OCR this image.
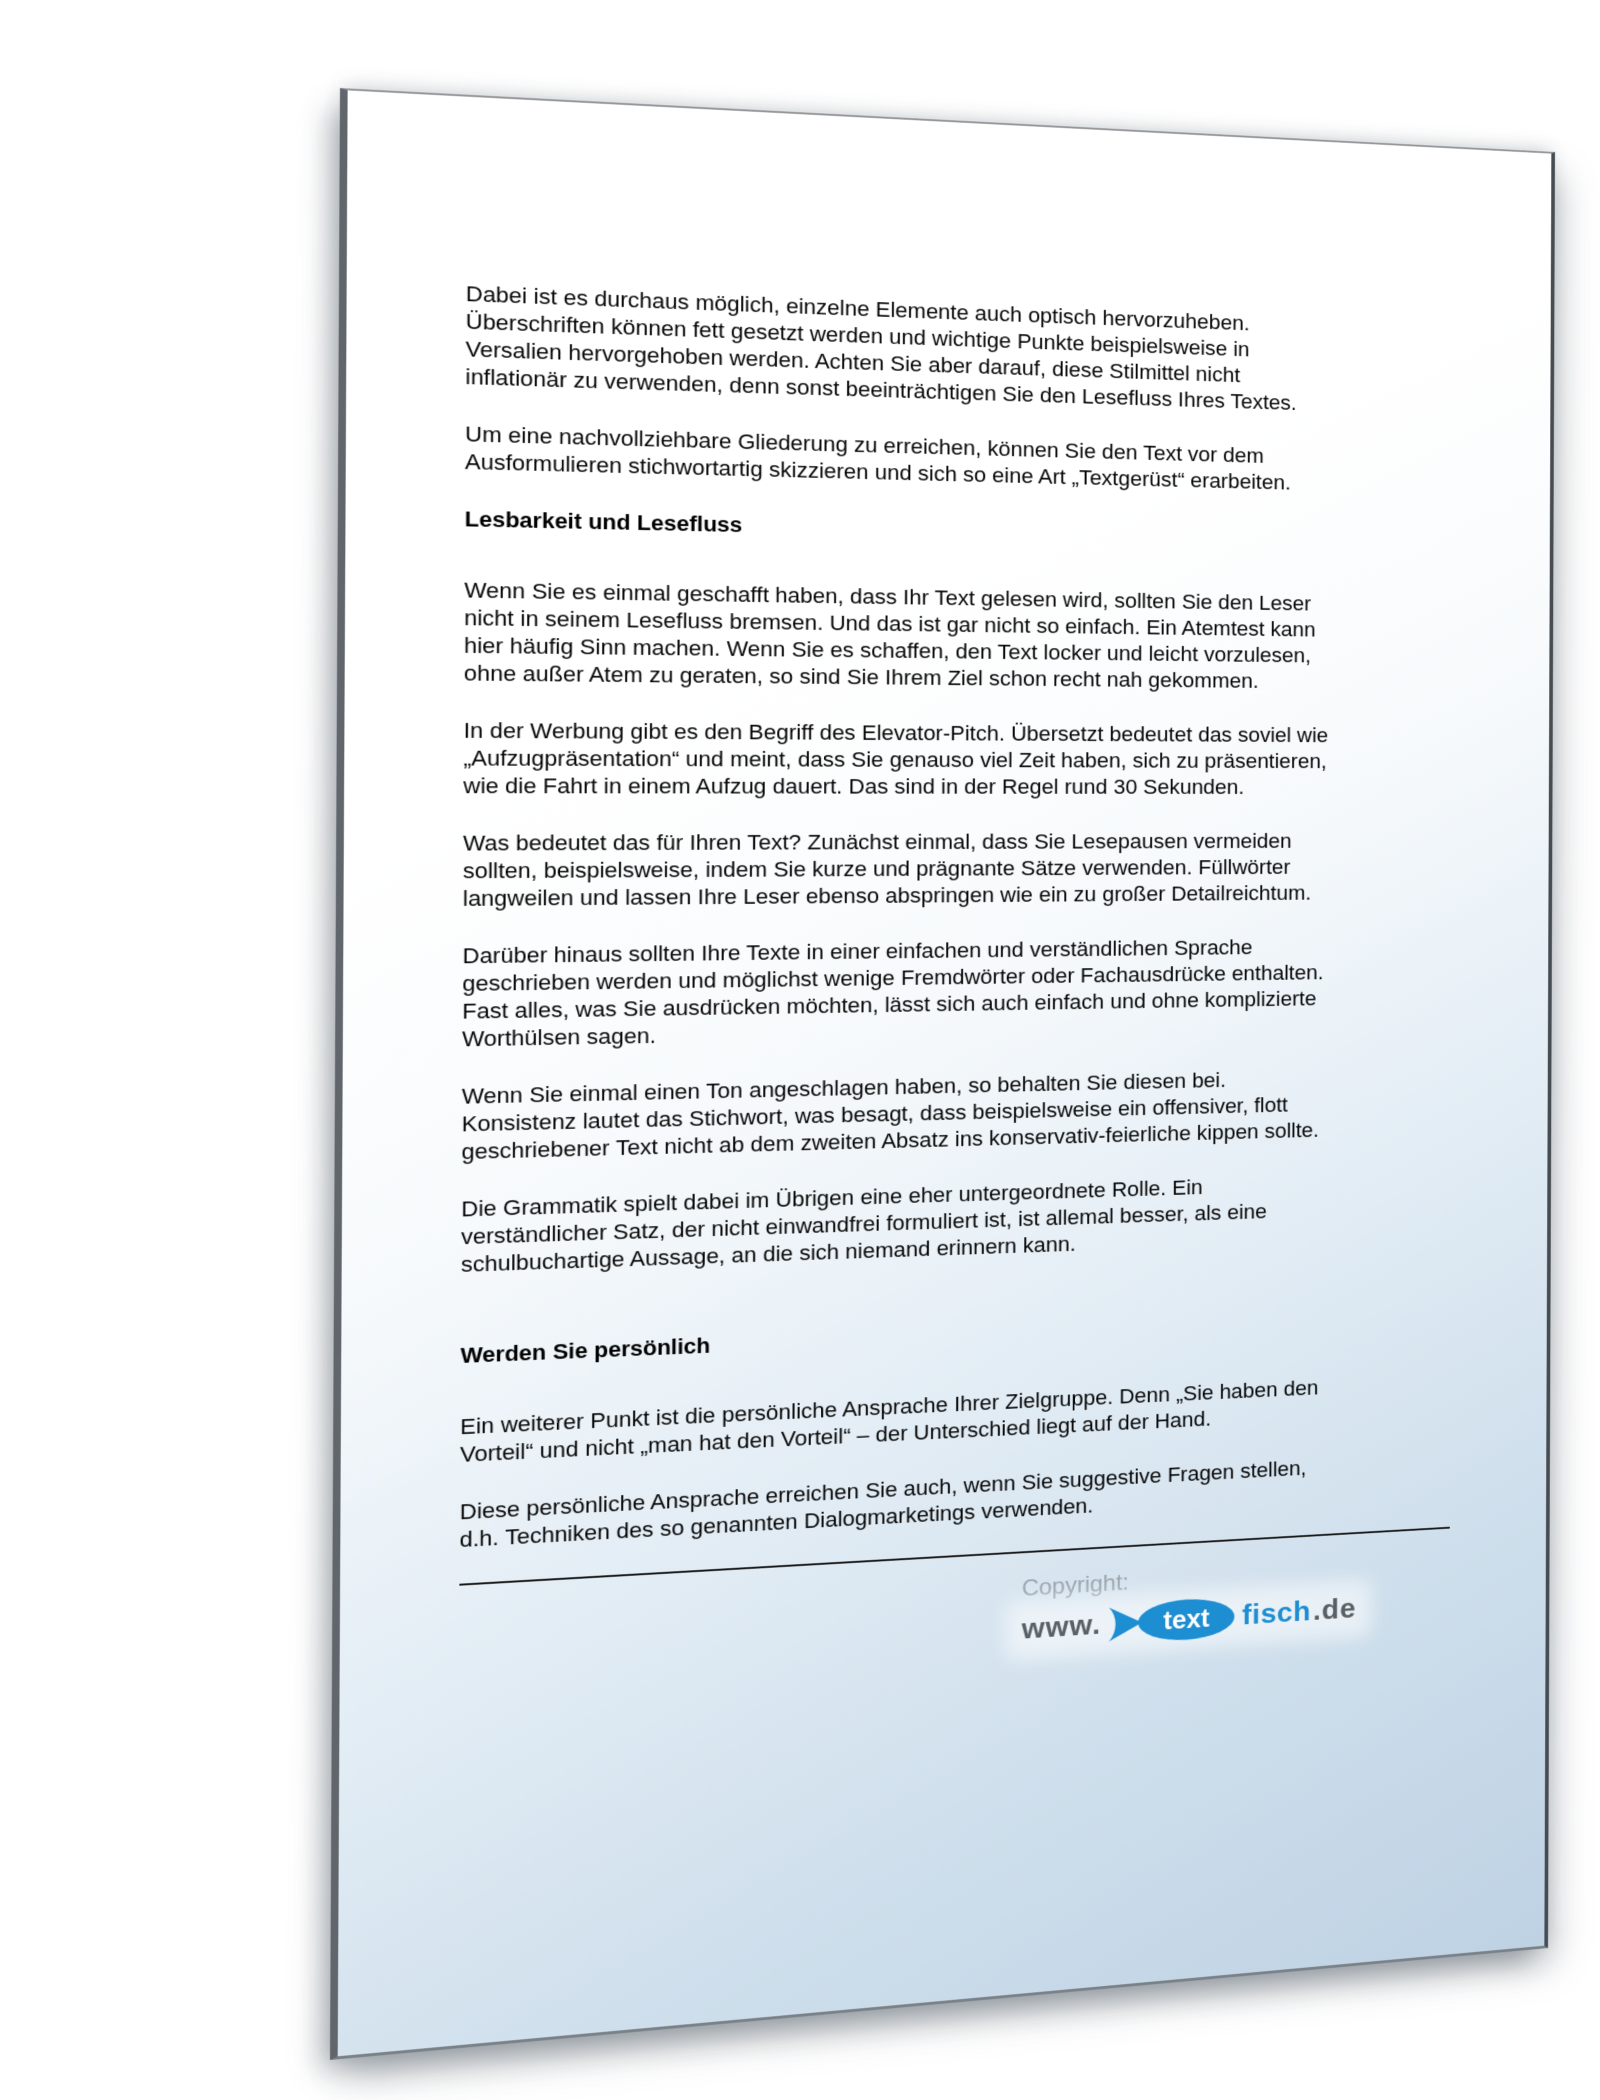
Dabei ist es durchaus möglich, einzelne Elemente auch optisch hervorzuheben.
Überschriften können fett gesetzt werden und wichtige Punkte beispielsweise in
Versalien hervorgehoben werden. Achten Sie aber darauf, diese Stilmittel nicht
inflationär zu verwenden, denn sonst beeinträchtigen Sie den Lesefluss Ihres Textes.

Um eine nachvollziehbare Gliederung zu erreichen, können Sie den Text vor dem
Ausformulieren stichwortartig skizzieren und sich so eine Art „Textgerüst“ erarbeiten.

Lesbarkeit und Lesefluss

Wenn Sie es einmal geschafft haben, dass Ihr Text gelesen wird, sollten Sie den Leser
nicht in seinem Lesefluss bremsen. Und das ist gar nicht so einfach. Ein Atemtest kann
hier häufig Sinn machen. Wenn Sie es schaffen, den Text locker und leicht vorzulesen,
ohne außer Atem zu geraten, so sind Sie Ihrem Ziel schon recht nah gekommen.

In der Werbung gibt es den Begriff des Elevator-Pitch. Übersetzt bedeutet das soviel wie
„Aufzugpräsentation“ und meint, dass Sie genauso viel Zeit haben, sich zu präsentieren,
wie die Fahrt in einem Aufzug dauert. Das sind in der Regel rund 30 Sekunden.

Was bedeutet das für Ihren Text? Zunächst einmal, dass Sie Lesepausen vermeiden
sollten, beispielsweise, indem Sie kurze und prägnante Sätze verwenden. Füllwörter
langweilen und lassen Ihre Leser ebenso abspringen wie ein zu großer Detailreichtum.

Darüber hinaus sollten Ihre Texte in einer einfachen und verständlichen Sprache
geschrieben werden und möglichst wenige Fremdwörter oder Fachausdrücke enthalten.
Fast alles, was Sie ausdrücken möchten, lässt sich auch einfach und ohne komplizierte
Worthülsen sagen.

Wenn Sie einmal einen Ton angeschlagen haben, so behalten Sie diesen bei.
Konsistenz lautet das Stichwort, was besagt, dass beispielsweise ein offensiver, flott
geschriebener Text nicht ab dem zweiten Absatz ins konservativ-feierliche kippen sollte.

Die Grammatik spielt dabei im Übrigen eine eher untergeordnete Rolle. Ein
verständlicher Satz, der nicht einwandfrei formuliert ist, ist allemal besser, als eine
schulbuchartige Aussage, an die sich niemand erinnern kann.

Werden Sie persönlich

Ein weiterer Punkt ist die persönliche Ansprache Ihrer Zielgruppe. Denn „Sie haben den
Vorteil“ und nicht „man hat den Vorteil“ – der Unterschied liegt auf der Hand.

Diese persönliche Ansprache erreichen Sie auch, wenn Sie suggestive Fragen stellen,
d.h. Techniken des so genannten Dialogmarketings verwenden.

Copyright:
www. text fisch .de
